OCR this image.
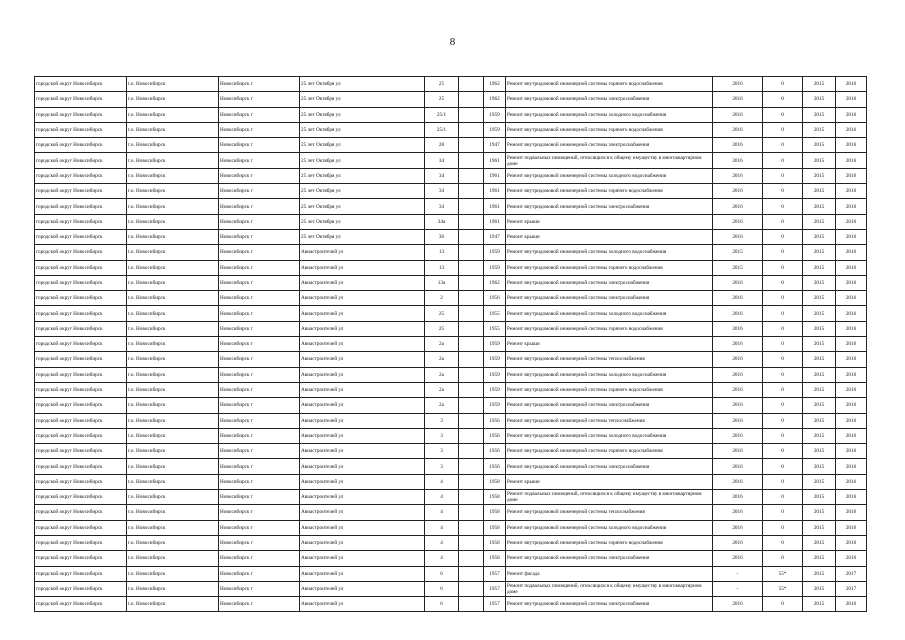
8
городской округ Новосибирск	г.о. Новосибирск	Новосибирск г	25 лет Октября ул	25		1962	Ремонт внутридомовой инженерной системы горячего водоснабжения	2016	0	2015	2016
городской округ Новосибирск	г.о. Новосибирск	Новосибирск г	25 лет Октября ул	25		1962	Ремонт внутридомовой инженерной системы электроснабжения	2016	0	2015	2016
городской округ Новосибирск	г.о. Новосибирск	Новосибирск г	25 лет Октября ул	25/1		1959	Ремонт внутридомовой инженерной системы холодного водоснабжения	2016	0	2015	2016
городской округ Новосибирск	г.о. Новосибирск	Новосибирск г	25 лет Октября ул	25/1		1959	Ремонт внутридомовой инженерной системы горячего водоснабжения	2016	0	2015	2016
городской округ Новосибирск	г.о. Новосибирск	Новосибирск г	25 лет Октября ул	28		1947	Ремонт внутридомовой инженерной системы электроснабжения	2016	0	2015	2016
городской округ Новосибирск	г.о. Новосибирск	Новосибирск г	25 лет Октября ул	34		1961	Ремонт подвальных помещений, относящихся к общему имуществу в многоквартирном доме	2016	0	2015	2016
городской округ Новосибирск	г.о. Новосибирск	Новосибирск г	25 лет Октября ул	34		1961	Ремонт внутридомовой инженерной системы холодного водоснабжения	2016	0	2015	2016
городской округ Новосибирск	г.о. Новосибирск	Новосибирск г	25 лет Октября ул	34		1961	Ремонт внутридомовой инженерной системы горячего водоснабжения	2016	0	2015	2016
городской округ Новосибирск	г.о. Новосибирск	Новосибирск г	25 лет Октября ул	34		1961	Ремонт внутридомовой инженерной системы электроснабжения	2016	0	2015	2016
городской округ Новосибирск	г.о. Новосибирск	Новосибирск г	25 лет Октября ул	34а		1961	Ремонт крыши	2016	0	2015	2016
городской округ Новосибирск	г.о. Новосибирск	Новосибирск г	25 лет Октября ул	36		1947	Ремонт крыши	2016	0	2015	2016
городской округ Новосибирск	г.о. Новосибирск	Новосибирск г	Авиастроителей ул	13		1959	Ремонт внутридомовой инженерной системы холодного водоснабжения	2015	0	2015	2016
городской округ Новосибирск	г.о. Новосибирск	Новосибирск г	Авиастроителей ул	13		1959	Ремонт внутридомовой инженерной системы горячего водоснабжения	2015	0	2015	2016
городской округ Новосибирск	г.о. Новосибирск	Новосибирск г	Авиастроителей ул	13а		1962	Ремонт внутридомовой инженерной системы электроснабжения	2016	0	2015	2016
городской округ Новосибирск	г.о. Новосибирск	Новосибирск г	Авиастроителей ул	2		1956	Ремонт внутридомовой инженерной системы электроснабжения	2016	0	2015	2016
городской округ Новосибирск	г.о. Новосибирск	Новосибирск г	Авиастроителей ул	25		1955	Ремонт внутридомовой инженерной системы холодного водоснабжения	2016	0	2015	2016
городской округ Новосибирск	г.о. Новосибирск	Новосибирск г	Авиастроителей ул	25		1955	Ремонт внутридомовой инженерной системы горячего водоснабжения	2016	0	2015	2016
городской округ Новосибирск	г.о. Новосибирск	Новосибирск г	Авиастроителей ул	2а		1959	Ремонт крыши	2016	0	2015	2016
городской округ Новосибирск	г.о. Новосибирск	Новосибирск г	Авиастроителей ул	2а		1959	Ремонт внутридомовой инженерной системы теплоснабжения	2016	0	2015	2016
городской округ Новосибирск	г.о. Новосибирск	Новосибирск г	Авиастроителей ул	2а		1959	Ремонт внутридомовой инженерной системы холодного водоснабжения	2016	0	2015	2016
городской округ Новосибирск	г.о. Новосибирск	Новосибирск г	Авиастроителей ул	2а		1959	Ремонт внутридомовой инженерной системы горячего водоснабжения	2016	0	2015	2016
городской округ Новосибирск	г.о. Новосибирск	Новосибирск г	Авиастроителей ул	2а		1959	Ремонт внутридомовой инженерной системы электроснабжения	2016	0	2015	2016
городской округ Новосибирск	г.о. Новосибирск	Новосибирск г	Авиастроителей ул	3		1956	Ремонт внутридомовой инженерной системы теплоснабжения	2016	0	2015	2016
городской округ Новосибирск	г.о. Новосибирск	Новосибирск г	Авиастроителей ул	3		1956	Ремонт внутридомовой инженерной системы холодного водоснабжения	2016	0	2015	2016
городской округ Новосибирск	г.о. Новосибирск	Новосибирск г	Авиастроителей ул	3		1956	Ремонт внутридомовой инженерной системы горячего водоснабжения	2016	0	2015	2016
городской округ Новосибирск	г.о. Новосибирск	Новосибирск г	Авиастроителей ул	3		1956	Ремонт внутридомовой инженерной системы электроснабжения	2016	0	2015	2016
городской округ Новосибирск	г.о. Новосибирск	Новосибирск г	Авиастроителей ул	4		1958	Ремонт крыши	2016	0	2015	2016
городской округ Новосибирск	г.о. Новосибирск	Новосибирск г	Авиастроителей ул	4		1958	Ремонт подвальных помещений, относящихся к общему имуществу в многоквартирном доме	2016	0	2015	2016
городской округ Новосибирск	г.о. Новосибирск	Новосибирск г	Авиастроителей ул	4		1958	Ремонт внутридомовой инженерной системы теплоснабжения	2016	0	2015	2016
городской округ Новосибирск	г.о. Новосибирск	Новосибирск г	Авиастроителей ул	4		1958	Ремонт внутридомовой инженерной системы холодного водоснабжения	2016	0	2015	2016
городской округ Новосибирск	г.о. Новосибирск	Новосибирск г	Авиастроителей ул	4		1958	Ремонт внутридомовой инженерной системы горячего водоснабжения	2016	0	2015	2016
городской округ Новосибирск	г.о. Новосибирск	Новосибирск г	Авиастроителей ул	4		1958	Ремонт внутридомовой инженерной системы электроснабжения	2016	0	2015	2016
городской округ Новосибирск	г.о. Новосибирск	Новосибирск г	Авиастроителей ул	6		1957	Ремонт фасада	-	55*	2015	2017
городской округ Новосибирск	г.о. Новосибирск	Новосибирск г	Авиастроителей ул	6		1957	Ремонт подвальных помещений, относящихся к общему имуществу в многоквартирном доме	-	55*	2015	2017
городской округ Новосибирск	г.о. Новосибирск	Новосибирск г	Авиастроителей ул	6		1957	Ремонт внутридомовой инженерной системы электроснабжения	2016	0	2015	2016
